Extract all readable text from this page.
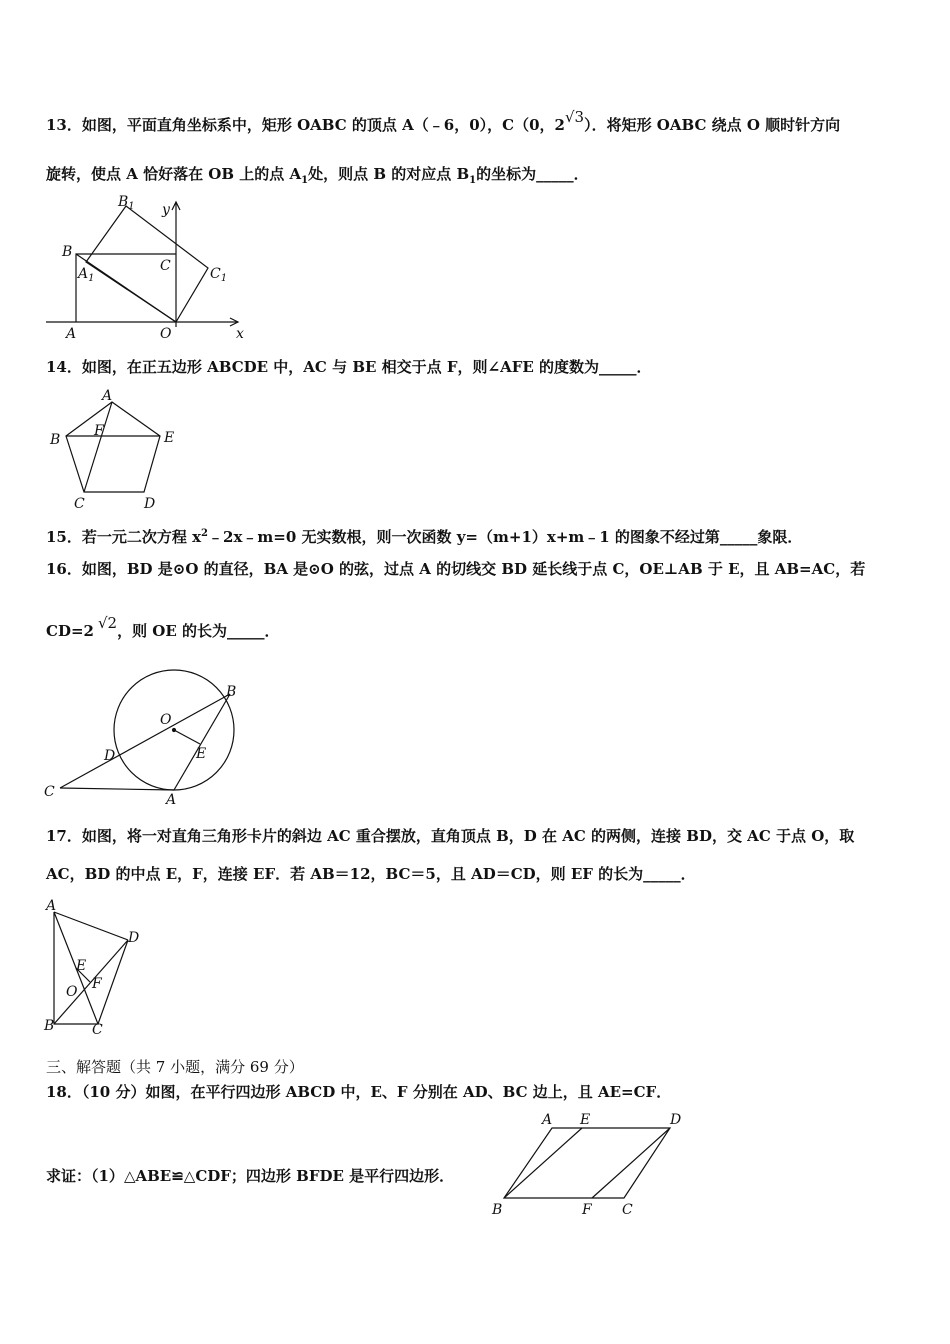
13．如图，平面直角坐标系中，矩形 OABC 的顶点 A（﹣6，0），C（0，2√3）．将矩形 OABC 绕点 O 顺时针方向
旋转，使点 A 恰好落在 OB 上的点 $A_1$处，则点 B 的对应点 $B_1$的坐标为_____．
$B_1$ y
B
C	$C_1$
$A_1$
A	O	x
14．如图，在正五边形 ABCDE 中，AC 与 BE 相交于点 F，则∠AFE 的度数为_____．
A
F
B	E
C	D
15．若一元二次方程 $x^2﹣2x﹣m=0$ 无实数根，则一次函数 y=（m+1）x+m﹣1 的图象不经过第_____象限．
16．如图，BD 是⊙O 的直径，BA 是⊙O 的弦，过点 A 的切线交 BD 延长线于点 C，OE⊥AB 于 E，且 AB=AC，若
CD=2 √2，则 OE 的长为_____．
B
O
E
D
C	A
17．如图，将一对直角三角形卡片的斜边 AC 重合摆放，直角顶点 B，D 在 AC 的两侧，连接 BD，交 AC 于点 O，取
AC，BD 的中点 E，F，连接 EF．若 AB＝12，BC＝5，且 AD＝CD，则 EF 的长为_____．
A
D
E
F
O
B	C
三、解答题（共 7 小题，满分 69 分）
18．（10 分）如图，在平行四边形 ABCD 中，E、F 分别在 AD、BC 边上，且 AE=CF．
求证：（1）△ABE≌△CDF；四边形 BFDE 是平行四边形．
A E	D
B	F C
